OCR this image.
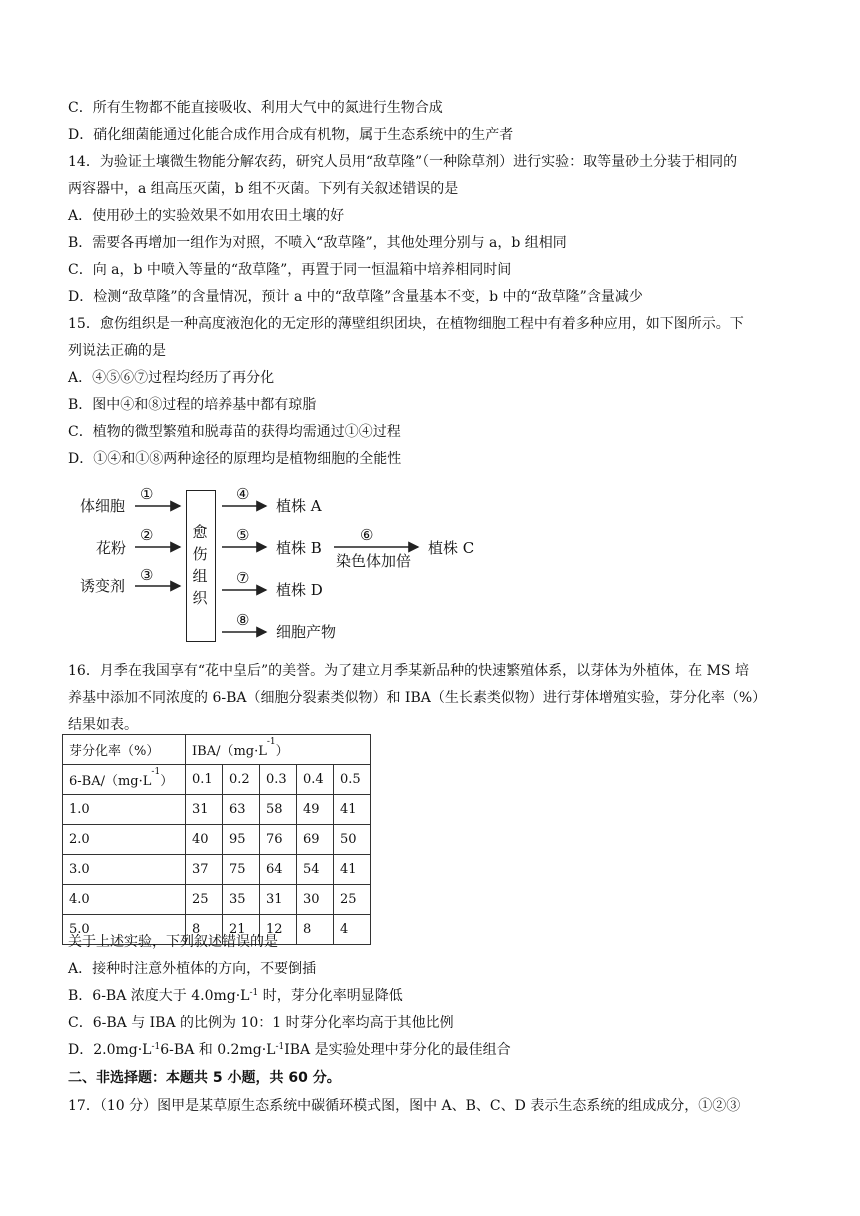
C．所有生物都不能直接吸收、利用大气中的氮进行生物合成
D．硝化细菌能通过化能合成作用合成有机物，属于生态系统中的生产者
14．为验证土壤微生物能分解农药，研究人员用“敌草隆”（一种除草剂）进行实验：取等量砂土分装于相同的
两容器中，a 组高压灭菌，b 组不灭菌。下列有关叙述错误的是
A．使用砂土的实验效果不如用农田土壤的好
B．需要各再增加一组作为对照，不喷入“敌草隆”，其他处理分别与 a，b 组相同
C．向 a，b 中喷入等量的“敌草隆”，再置于同一恒温箱中培养相同时间
D．检测“敌草隆”的含量情况，预计 a 中的“敌草隆”含量基本不变，b 中的“敌草隆”含量减少
15．愈伤组织是一种高度液泡化的无定形的薄壁组织团块，在植物细胞工程中有着多种应用，如下图所示。下
列说法正确的是
A．④⑤⑥⑦过程均经历了再分化
B．图中④和⑧过程的培养基中都有琼脂
C．植物的微型繁殖和脱毒苗的获得均需通过①④过程
D．①④和①⑧两种途径的原理均是植物细胞的全能性
体细胞
花粉
诱变剂
①
②
③
愈伤组织
④
⑤
⑦
⑧
植株 A
植株 B
植株 D
细胞产物
⑥
染色体加倍
植株 C
16．月季在我国享有“花中皇后”的美誉。为了建立月季某新品种的快速繁殖体系，以芽体为外植体，在 MS 培
养基中添加不同浓度的 6-BA（细胞分裂素类似物）和 IBA（生长素类似物）进行芽体增殖实验，芽分化率（%）
结果如表。
芽分化率（%）	IBA/$(mg\cdot L^{-1})$				
$6-BA/(mg\cdot L^{-1})$	0.1	0.2	0.3	0.4	0.5
1.0	31	63	58	49	41
2.0	40	95	76	69	50
3.0	37	75	64	54	41
4.0	25	35	31	30	25
5.0	8	21	12	8	4
关于上述实验，下列叙述错误的是
A．接种时注意外植体的方向，不要倒插
B．6-BA 浓度大于 $4.0mg\cdot L^{-1}$ 时，芽分化率明显降低
C．6-BA 与 IBA 的比例为 10：1 时芽分化率均高于其他比例
D．$2.0mg\cdot L^{-1}6-BA$ 和 $0.2mg\cdot L^{-1}IBA$ 是实验处理中芽分化的最佳组合
二、非选择题：本题共 5 小题，共 60 分。
17．（10 分）图甲是某草原生态系统中碳循环模式图，图中 A、B、C、D 表示生态系统的组成成分，①②③
